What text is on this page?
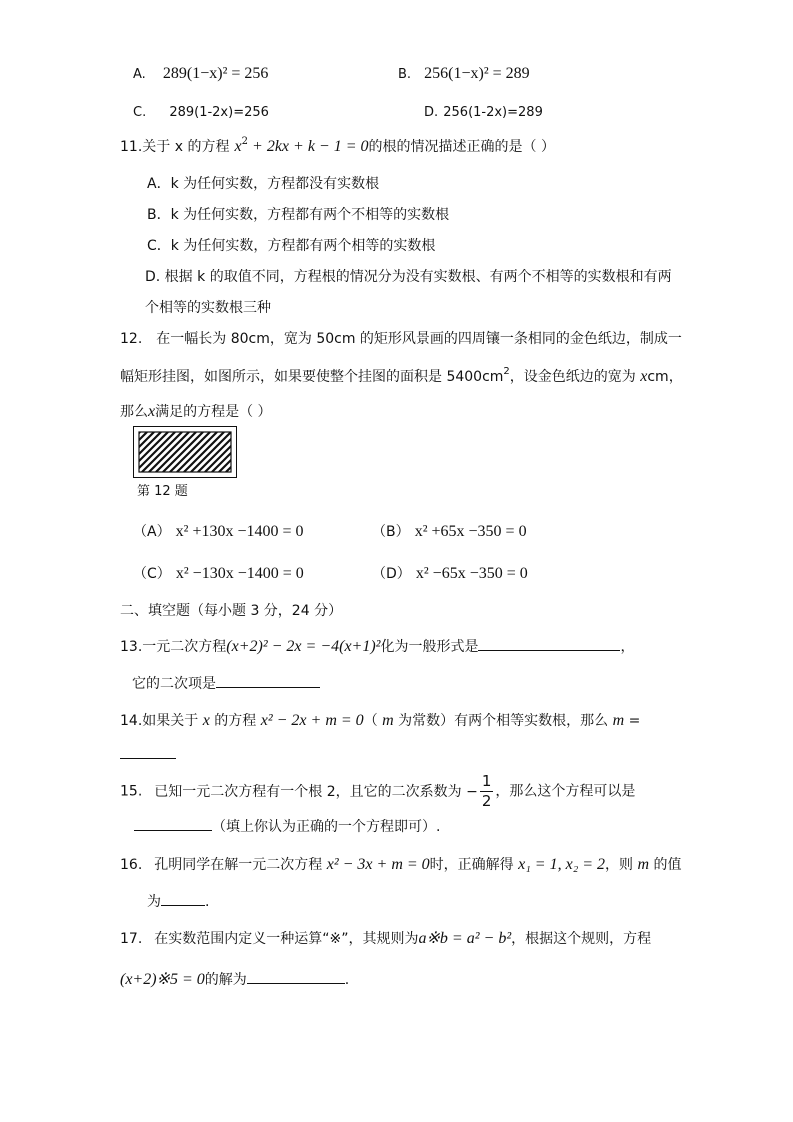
A. 289(1−x)² = 256	B. 256(1−x)² = 289
C. 289(1-2x)=256	D. 256(1-2x)=289
11.关于 x 的方程 $x^2 + 2kx + k - 1 = 0$的根的情况描述正确的是（ ）
A．k 为任何实数，方程都没有实数根
B．k 为任何实数，方程都有两个不相等的实数根
C．k 为任何实数，方程都有两个相等的实数根
D. 根据 k 的取值不同，方程根的情况分为没有实数根、有两个不相等的实数根和有两
个相等的实数根三种
12. 在一幅长为 80cm，宽为 50cm 的矩形风景画的四周镶一条相同的金色纸边，制成一
幅矩形挂图，如图所示，如果要使整个挂图的面积是 $5400cm^2$，设金色纸边的宽为 xcm，
那么x满足的方程是（ ）
第 12 题
（A） x² +130x −1400 = 0	（B） x² +65x −350 = 0
（C） x² −130x −1400 = 0	（D） x² −65x −350 = 0
二、填空题（每小题 3 分，24 分）
13.一元二次方程(x+2)² − 2x = −4(x+1)²化为一般形式是	，
它的二次项是
14.如果关于 x 的方程 x² − 2x + m = 0（ m 为常数）有两个相等实数根，那么 m =
15. 已知一元二次方程有一个根 2，且它的二次系数为 − $\frac{1}{2}$ ，那么这个方程可以是
（填上你认为正确的一个方程即可）.
16. 孔明同学在解一元二次方程 x² − 3x + m = 0时，正确解得 x₁ = 1, x₂ = 2，则 m 的值
为	.
17. 在实数范围内定义一种运算“※”，其规则为a※b = a² − b²，根据这个规则，方程
(x+2)※5 = 0的解为	.
